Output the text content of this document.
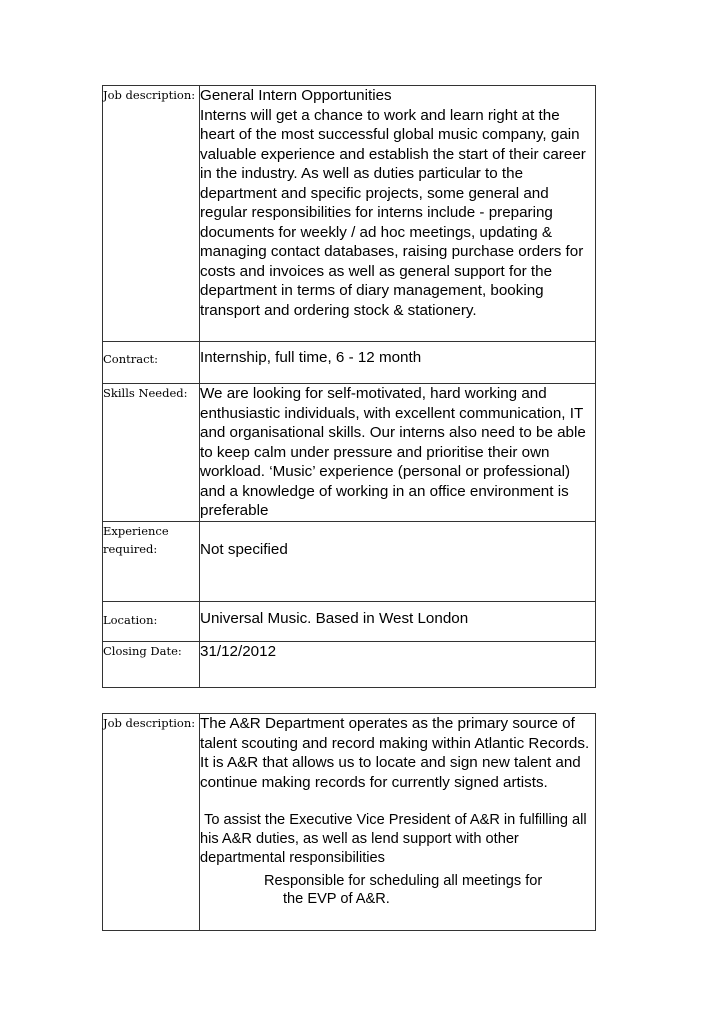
Job description:	General Intern Opportunities

Interns will get a chance to work and learn right at the heart of the most successful global music company, gain valuable experience and establish the start of their career in the industry. As well as duties particular to the department and specific projects, some general and regular responsibilities for interns include - preparing documents for weekly / ad hoc meetings, updating & managing contact databases, raising purchase orders for costs and invoices as well as general support for the department in terms of diary management, booking transport and ordering stock & stationery.

Contract:	Internship, full time, 6 - 12 month
Skills Needed:	We are looking for self-motivated, hard working and enthusiastic individuals, with excellent communication, IT and organisational skills. Our interns also need to be able to keep calm under pressure and prioritise their own workload. ‘Music’ experience (personal or professional) and a knowledge of working in an office environment is preferable
Experience required:	Not specified
Location:	Universal Music. Based in West London
Closing Date:	31/12/2012
Job description:	The A&R Department operates as the primary source of talent scouting and record making within Atlantic Records. It is A&R that allows us to locate and sign new talent and continue making records for currently signed artists.

To assist the Executive Vice President of A&R in fulfilling all his A&R duties, as well as lend support with other departmental responsibilities

Responsible for scheduling all meetings for

the EVP of A&R.
